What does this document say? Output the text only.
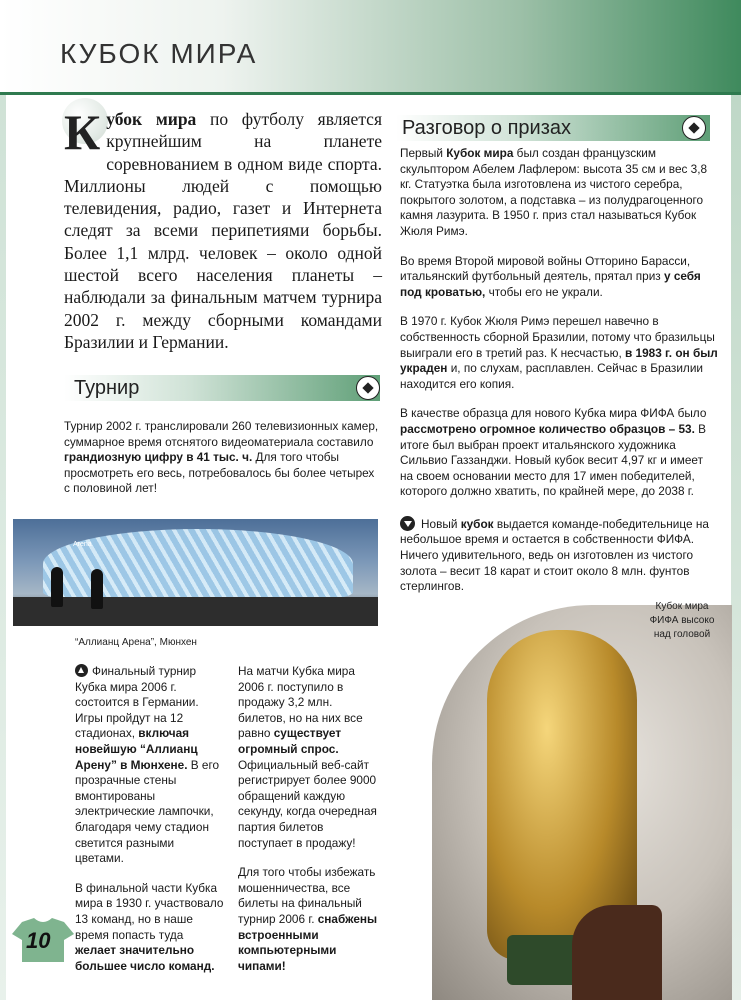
КУБОК МИРА
Кубок мира по футболу является крупнейшим на планете соревнованием в одном виде спорта. Миллионы людей с помощью телевидения, радио, газет и Интернета следят за всеми перипетиями борьбы. Более 1,1 млрд. человек – около одной шестой всего населения планеты – наблюдали за финальным матчем турнира 2002 г. между сборными командами Бразилии и Германии.
Турнир

Турнир 2002 г. транслировали 260 телевизионных камер, суммарное время отснятого видеоматериала составило грандиозную цифру в 41 тыс. ч. Для того чтобы просмотреть его весь, потребовалось бы более четырех с половиной лет!

Arena
“Аллианц Арена”, Мюнхен

Финальный турнир Кубка мира 2006 г. состоится в Германии. Игры пройдут на 12 стадионах, включая новейшую “Аллианц Арену” в Мюнхене. В его прозрачные стены вмонтированы электрические лампочки, благодаря чему стадион светится разными цветами.

В финальной части Кубка мира в 1930 г. участвовало 13 команд, но в наше время попасть туда желает значительно большее число команд.

На матчи Кубка мира 2006 г. поступило в продажу 3,2 млн. билетов, но на них все равно существует огромный спрос. Официальный веб-сайт регистрирует более 9000 обращений каждую секунду, когда очередная партия билетов поступает в продажу!

Для того чтобы избежать мошенничества, все билеты на финальный турнир 2006 г. снабжены встроенными компьютерными чипами!

Разговор о призах

Первый Кубок мира был создан французским скульптором Абелем Лафлером: высота 35 см и вес 3,8 кг. Статуэтка была изготовлена из чистого серебра, покрытого золотом, а подставка – из полудрагоценного камня лазурита. В 1950 г. приз стал называться Кубок Жюля Римэ.

Во время Второй мировой войны Отторино Барасси, итальянский футбольный деятель, прятал приз у себя под кроватью, чтобы его не украли.

В 1970 г. Кубок Жюля Римэ перешел навечно в собственность сборной Бразилии, потому что бразильцы выиграли его в третий раз. К несчастью, в 1983 г. он был украден и, по слухам, расплавлен. Сейчас в Бразилии находится его копия.

В качестве образца для нового Кубка мира ФИФА было рассмотрено огромное количество образцов – 53. В итоге был выбран проект итальянского художника Сильвио Газзанджи. Новый кубок весит 4,97 кг и имеет на своем основании место для 17 имен победителей, которого должно хватить, по крайней мере, до 2038 г.

Новый кубок выдается команде-победительнице на небольшое время и остается в собственности ФИФА. Ничего удивительного, ведь он изготовлен из чистого золота – весит 18 карат и стоит около 8 млн. фунтов стерлингов.

Кубок мира
ФИФА высоко
над головой
10
